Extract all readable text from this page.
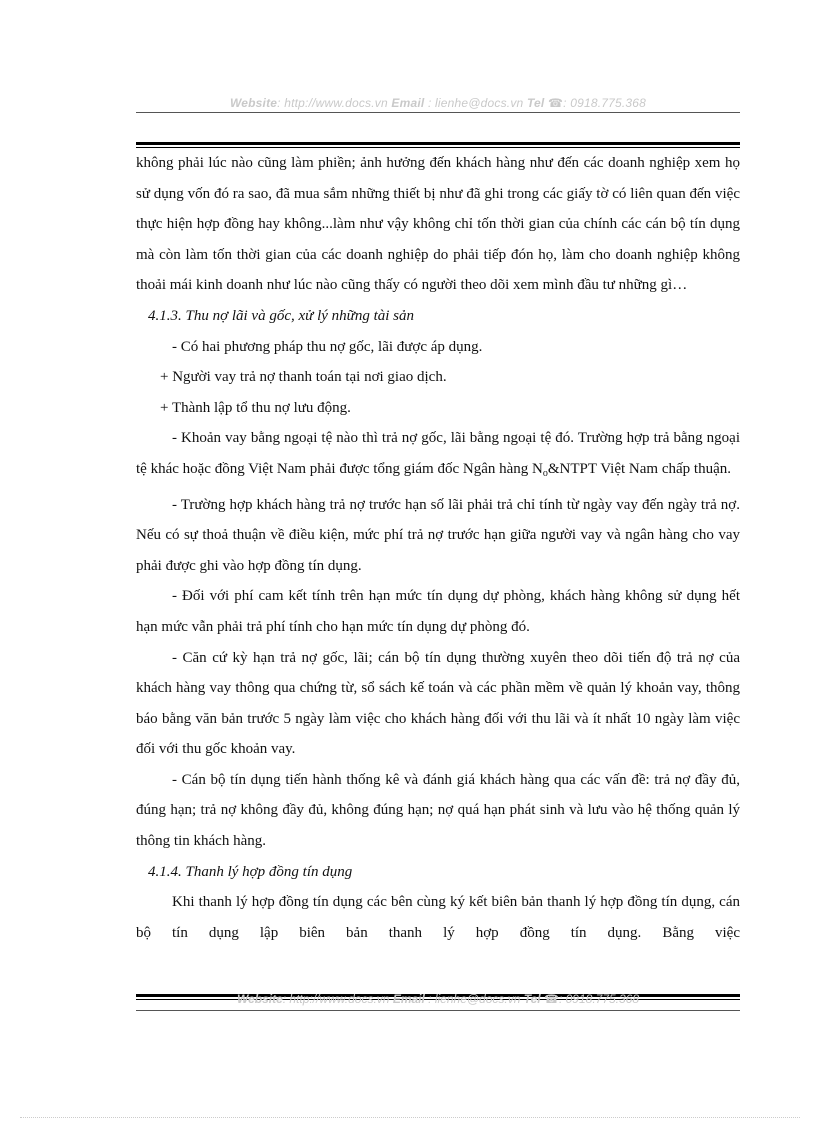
Website: http://www.docs.vn Email : lienhe@docs.vn Tel ☎: 0918.775.368

không phải lúc nào cũng làm phiền; ảnh hưởng đến khách hàng như đến các doanh nghiệp xem họ sử dụng vốn đó ra sao, đã mua sắm những thiết bị như đã ghi trong các giấy tờ có liên quan đến việc thực hiện hợp đồng hay không...làm như vậy không chỉ tốn thời gian của chính các cán bộ tín dụng mà còn làm tốn thời gian của các doanh nghiệp do phải tiếp đón họ, làm cho doanh nghiệp không thoải mái kinh doanh như lúc nào cũng thấy có người theo dõi xem mình đầu tư những gì…

4.1.3. Thu nợ lãi và gốc, xử lý những tài sản

- Có hai phương pháp thu nợ gốc, lãi được áp dụng.

+ Người vay trả nợ thanh toán tại nơi giao dịch.

+ Thành lập tổ thu nợ lưu động.

- Khoản vay bằng ngoại tệ nào thì trả nợ gốc, lãi bằng ngoại tệ đó. Trường hợp trả bằng ngoại tệ khác hoặc đồng Việt Nam phải được tổng giám đốc Ngân hàng $N_o\&NTPT$ Việt Nam chấp thuận.

- Trường hợp khách hàng trả nợ trước hạn số lãi phải trả chỉ tính từ ngày vay đến ngày trả nợ. Nếu có sự thoả thuận về điều kiện, mức phí trả nợ trước hạn giữa người vay và ngân hàng cho vay phải được ghi vào hợp đồng tín dụng.

- Đối với phí cam kết tính trên hạn mức tín dụng dự phòng, khách hàng không sử dụng hết hạn mức vẫn phải trả phí tính cho hạn mức tín dụng dự phòng đó.

- Căn cứ kỳ hạn trả nợ gốc, lãi; cán bộ tín dụng thường xuyên theo dõi tiến độ trả nợ của khách hàng vay thông qua chứng từ, sổ sách kế toán và các phần mềm về quản lý khoản vay, thông báo bằng văn bản trước 5 ngày làm việc cho khách hàng đối với thu lãi và ít nhất 10 ngày làm việc đối với thu gốc khoản vay.

- Cán bộ tín dụng tiến hành thống kê và đánh giá khách hàng qua các vấn đề: trả nợ đầy đủ, đúng hạn; trả nợ không đầy đủ, không đúng hạn; nợ quá hạn phát sinh và lưu vào hệ thống quản lý thông tin khách hàng.

4.1.4. Thanh lý hợp đồng tín dụng

Khi thanh lý hợp đồng tín dụng các bên cùng ký kết biên bản thanh lý hợp đồng tín dụng, cán bộ tín dụng lập biên bản thanh lý hợp đồng tín dụng. Bằng việc

Website: http://www.docs.vn Email : lienhe@docs.vn Tel ☎: 0918.775.368
